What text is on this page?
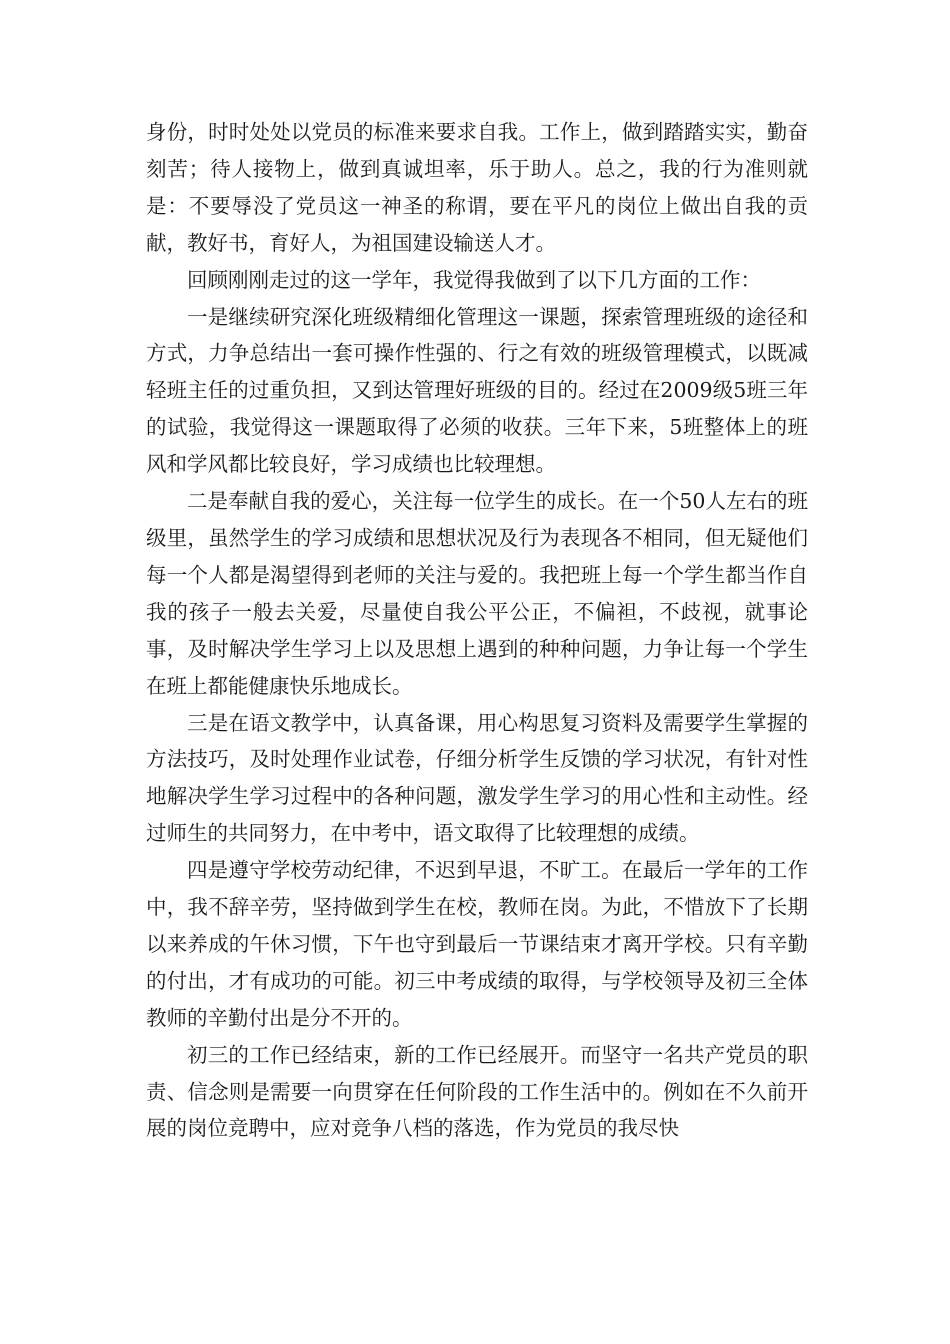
身份，时时处处以党员的标准来要求自我。工作上，做到踏踏实实，勤奋刻苦；待人接物上，做到真诚坦率，乐于助人。总之，我的行为准则就是：不要辱没了党员这一神圣的称谓，要在平凡的岗位上做出自我的贡献，教好书，育好人，为祖国建设输送人才。

回顾刚刚走过的这一学年，我觉得我做到了以下几方面的工作：

一是继续研究深化班级精细化管理这一课题，探索管理班级的途径和方式，力争总结出一套可操作性强的、行之有效的班级管理模式，以既减轻班主任的过重负担，又到达管理好班级的目的。经过在2009级5班三年的试验，我觉得这一课题取得了必须的收获。三年下来，5班整体上的班风和学风都比较良好，学习成绩也比较理想。

二是奉献自我的爱心，关注每一位学生的成长。在一个50人左右的班级里，虽然学生的学习成绩和思想状况及行为表现各不相同，但无疑他们每一个人都是渴望得到老师的关注与爱的。我把班上每一个学生都当作自我的孩子一般去关爱，尽量使自我公平公正，不偏袒，不歧视，就事论事，及时解决学生学习上以及思想上遇到的种种问题，力争让每一个学生在班上都能健康快乐地成长。

三是在语文教学中，认真备课，用心构思复习资料及需要学生掌握的方法技巧，及时处理作业试卷，仔细分析学生反馈的学习状况，有针对性地解决学生学习过程中的各种问题，激发学生学习的用心性和主动性。经过师生的共同努力，在中考中，语文取得了比较理想的成绩。

四是遵守学校劳动纪律，不迟到早退，不旷工。在最后一学年的工作中，我不辞辛劳，坚持做到学生在校，教师在岗。为此，不惜放下了长期以来养成的午休习惯，下午也守到最后一节课结束才离开学校。只有辛勤的付出，才有成功的可能。初三中考成绩的取得，与学校领导及初三全体教师的辛勤付出是分不开的。

初三的工作已经结束，新的工作已经展开。而坚守一名共产党员的职责、信念则是需要一向贯穿在任何阶段的工作生活中的。例如在不久前开展的岗位竞聘中，应对竞争八档的落选，作为党员的我尽快
